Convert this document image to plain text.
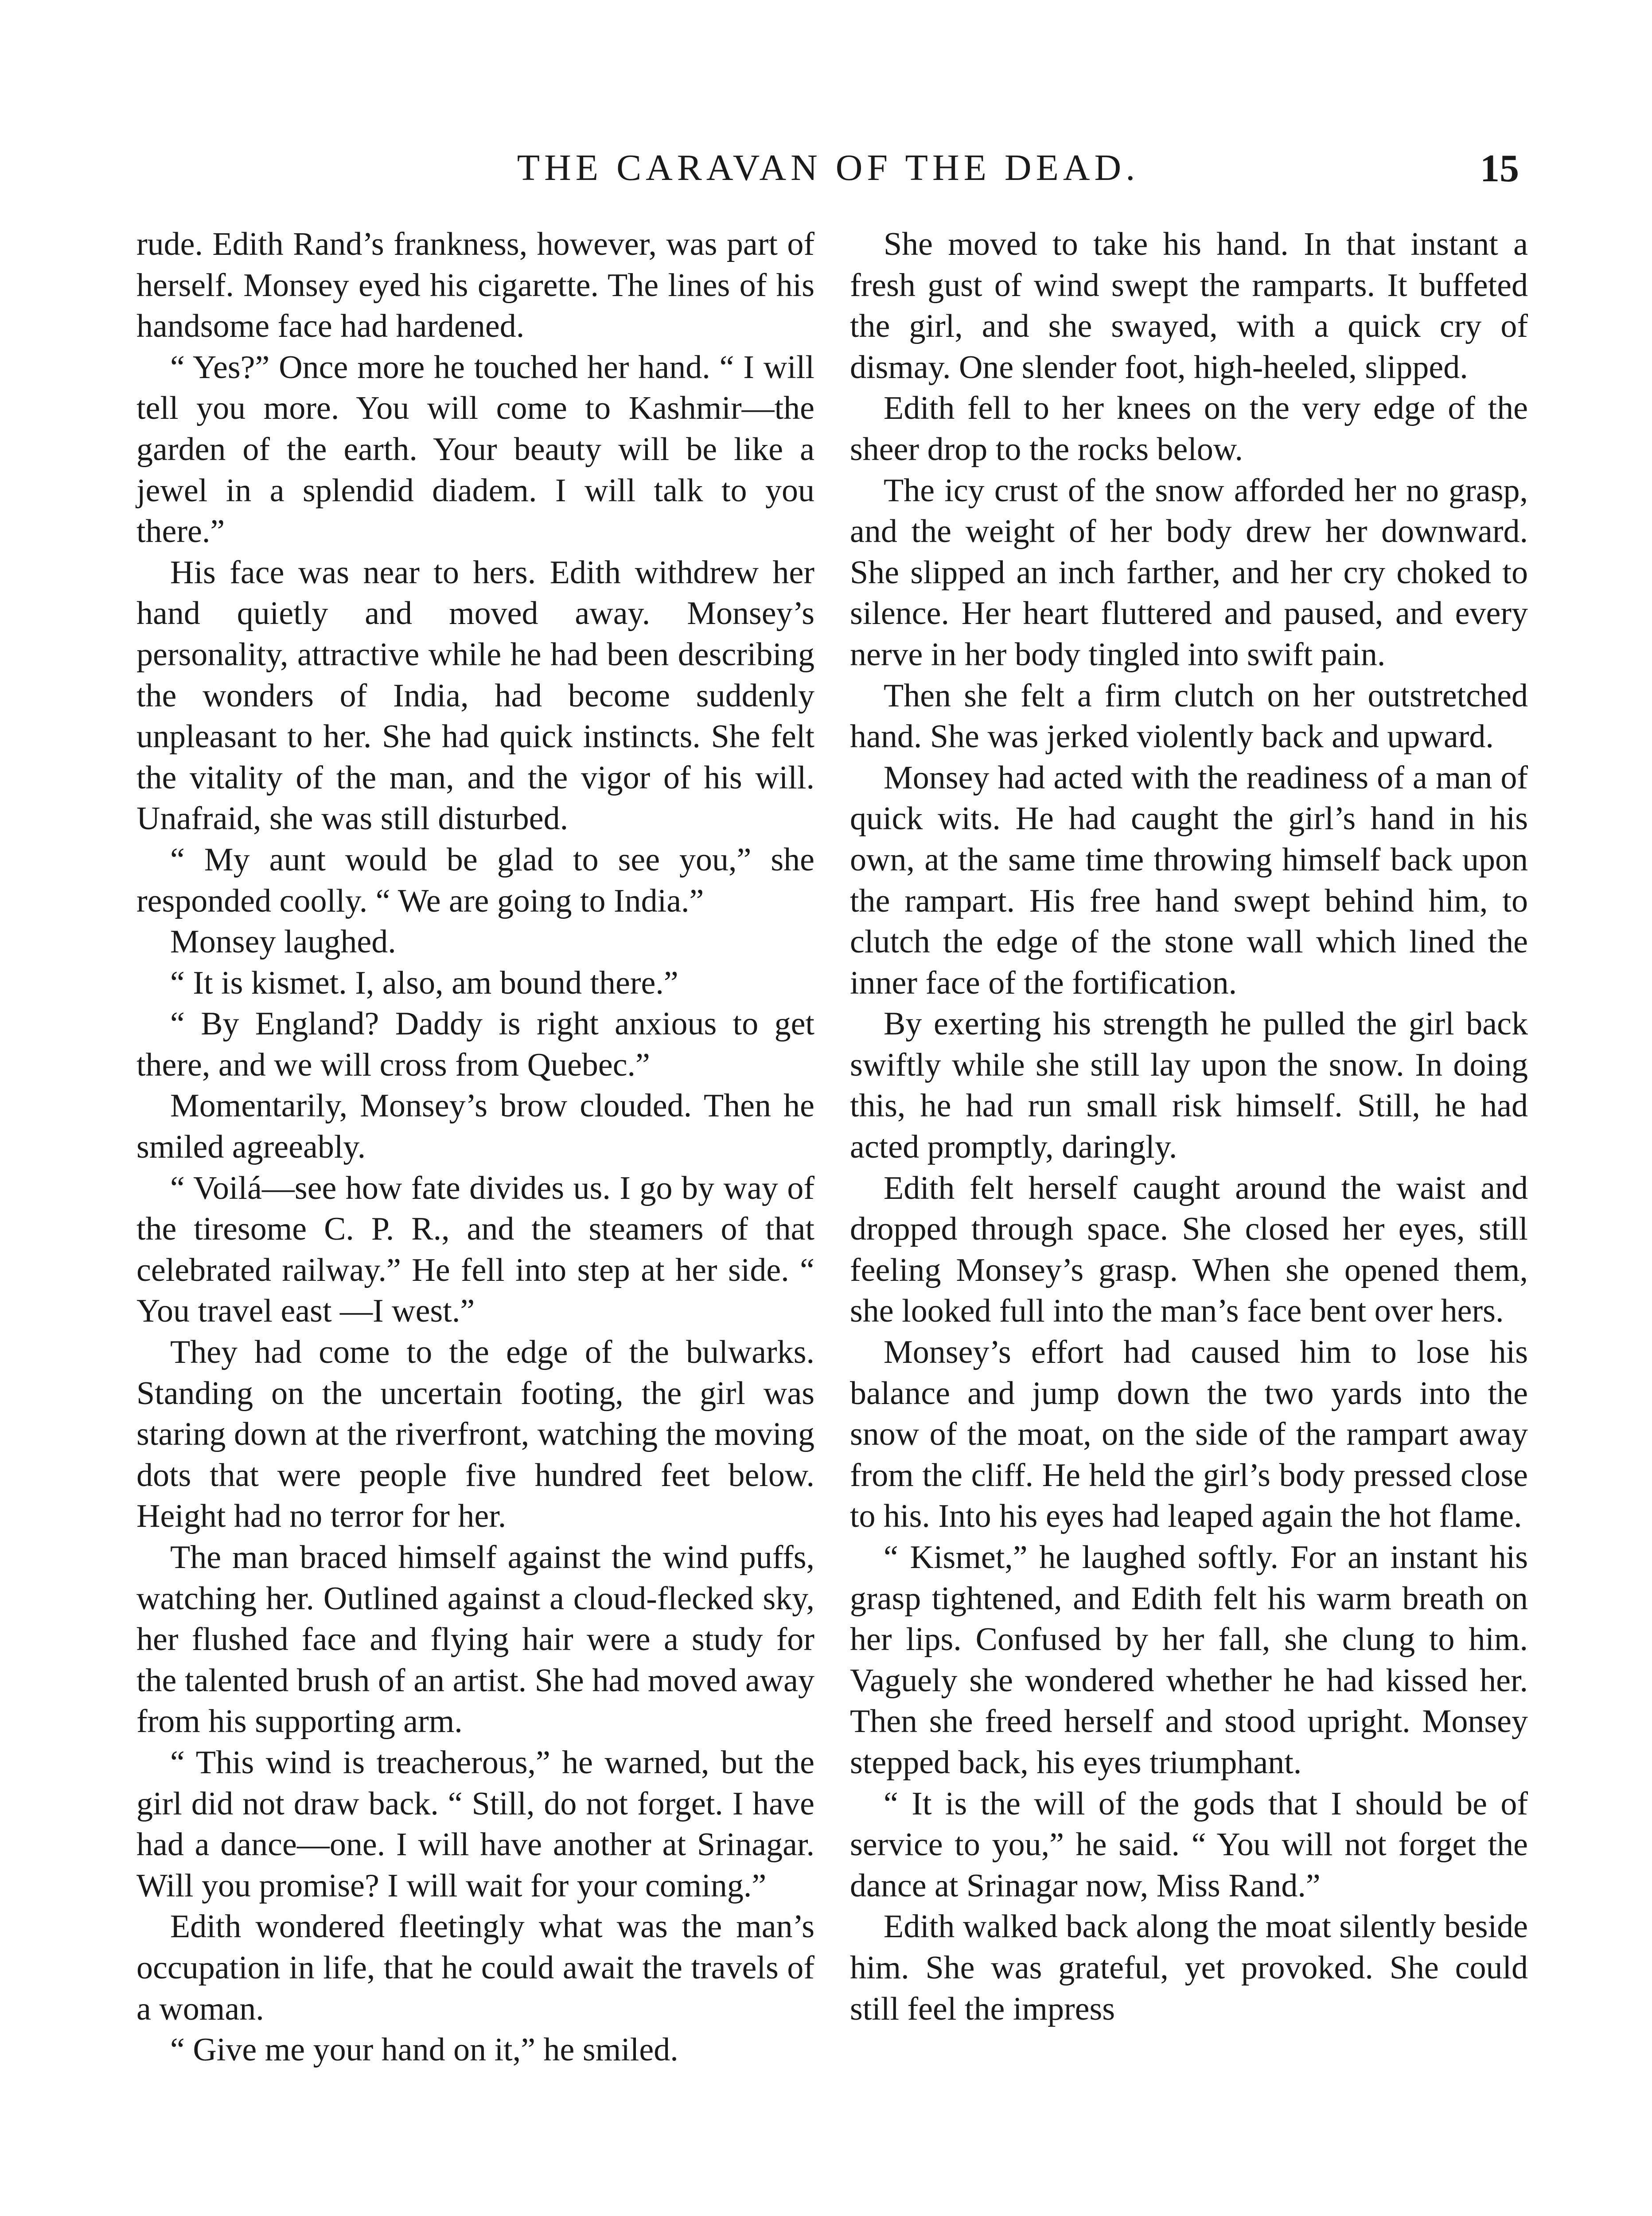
THE CARAVAN OF THE DEAD.	15

rude. Edith Rand’s frankness, however, was part of herself. Monsey eyed his cigarette. The lines of his handsome face had hardened.

“ Yes?” Once more he touched her hand. “ I will tell you more. You will come to Kashmir—the garden of the earth. Your beauty will be like a jewel in a splendid diadem. I will talk to you there.”

His face was near to hers. Edith withdrew her hand quietly and moved away. Monsey’s personality, attractive while he had been describing the wonders of India, had become suddenly unpleasant to her. She had quick instincts. She felt the vitality of the man, and the vigor of his will. Unafraid, she was still disturbed.

“ My aunt would be glad to see you,” she responded coolly. “ We are going to India.”

Monsey laughed.

“ It is kismet. I, also, am bound there.”

“ By England? Daddy is right anxious to get there, and we will cross from Quebec.”

Momentarily, Monsey’s brow clouded. Then he smiled agreeably.

“ Voilá—see how fate divides us. I go by way of the tiresome C. P. R., and the steamers of that celebrated railway.” He fell into step at her side. “ You travel east —I west.”

They had come to the edge of the bulwarks. Standing on the uncertain footing, the girl was staring down at the riverfront, watching the moving dots that were people five hundred feet below. Height had no terror for her.

The man braced himself against the wind puffs, watching her. Outlined against a cloud-flecked sky, her flushed face and flying hair were a study for the talented brush of an artist. She had moved away from his supporting arm.

“ This wind is treacherous,” he warned, but the girl did not draw back. “ Still, do not forget. I have had a dance—one. I will have another at Srinagar. Will you promise? I will wait for your coming.”

Edith wondered fleetingly what was the man’s occupation in life, that he could await the travels of a woman.

“ Give me your hand on it,” he smiled.

She moved to take his hand. In that instant a fresh gust of wind swept the ramparts. It buffeted the girl, and she swayed, with a quick cry of dismay. One slender foot, high-heeled, slipped.

Edith fell to her knees on the very edge of the sheer drop to the rocks below.

The icy crust of the snow afforded her no grasp, and the weight of her body drew her downward. She slipped an inch farther, and her cry choked to silence. Her heart fluttered and paused, and every nerve in her body tingled into swift pain.

Then she felt a firm clutch on her outstretched hand. She was jerked violently back and upward.

Monsey had acted with the readiness of a man of quick wits. He had caught the girl’s hand in his own, at the same time throwing himself back upon the rampart. His free hand swept behind him, to clutch the edge of the stone wall which lined the inner face of the fortification.

By exerting his strength he pulled the girl back swiftly while she still lay upon the snow. In doing this, he had run small risk himself. Still, he had acted promptly, daringly.

Edith felt herself caught around the waist and dropped through space. She closed her eyes, still feeling Monsey’s grasp. When she opened them, she looked full into the man’s face bent over hers.

Monsey’s effort had caused him to lose his balance and jump down the two yards into the snow of the moat, on the side of the rampart away from the cliff. He held the girl’s body pressed close to his. Into his eyes had leaped again the hot flame.

“ Kismet,” he laughed softly. For an instant his grasp tightened, and Edith felt his warm breath on her lips. Confused by her fall, she clung to him. Vaguely she wondered whether he had kissed her. Then she freed herself and stood upright. Monsey stepped back, his eyes triumphant.

“ It is the will of the gods that I should be of service to you,” he said. “ You will not forget the dance at Srinagar now, Miss Rand.”

Edith walked back along the moat silently beside him. She was grateful, yet provoked. She could still feel the impress
